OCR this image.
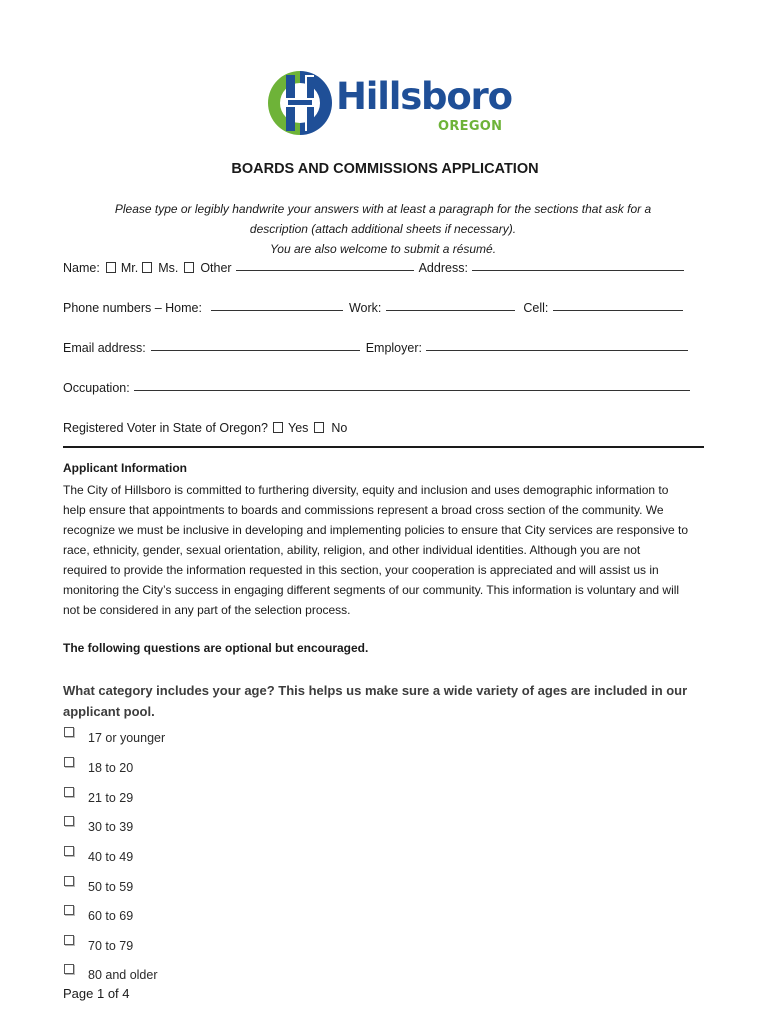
Hillsboro
OREGON
BOARDS AND COMMISSIONS APPLICATION
Please type or legibly handwrite your answers with at least a paragraph for the sections that ask for a
description (attach additional sheets if necessary).
You are also welcome to submit a résumé.
Name: Mr. Ms. Other	Address:
Phone numbers – Home:	Work:	Cell:
Email address:	Employer:
Occupation:
Registered Voter in State of Oregon? Yes No
Applicant Information
The City of Hillsboro is committed to furthering diversity, equity and inclusion and uses demographic information to
help ensure that appointments to boards and commissions represent a broad cross section of the community. We
recognize we must be inclusive in developing and implementing policies to ensure that City services are responsive to
race, ethnicity, gender, sexual orientation, ability, religion, and other individual identities. Although you are not
required to provide the information requested in this section, your cooperation is appreciated and will assist us in
monitoring the City’s success in engaging different segments of our community. This information is voluntary and will
not be considered in any part of the selection process.
The following questions are optional but encouraged.
What category includes your age? This helps us make sure a wide variety of ages are included in our
applicant pool.
17 or younger
18 to 20
21 to 29
30 to 39
40 to 49
50 to 59
60 to 69
70 to 79
80 and older
Page 1 of 4
